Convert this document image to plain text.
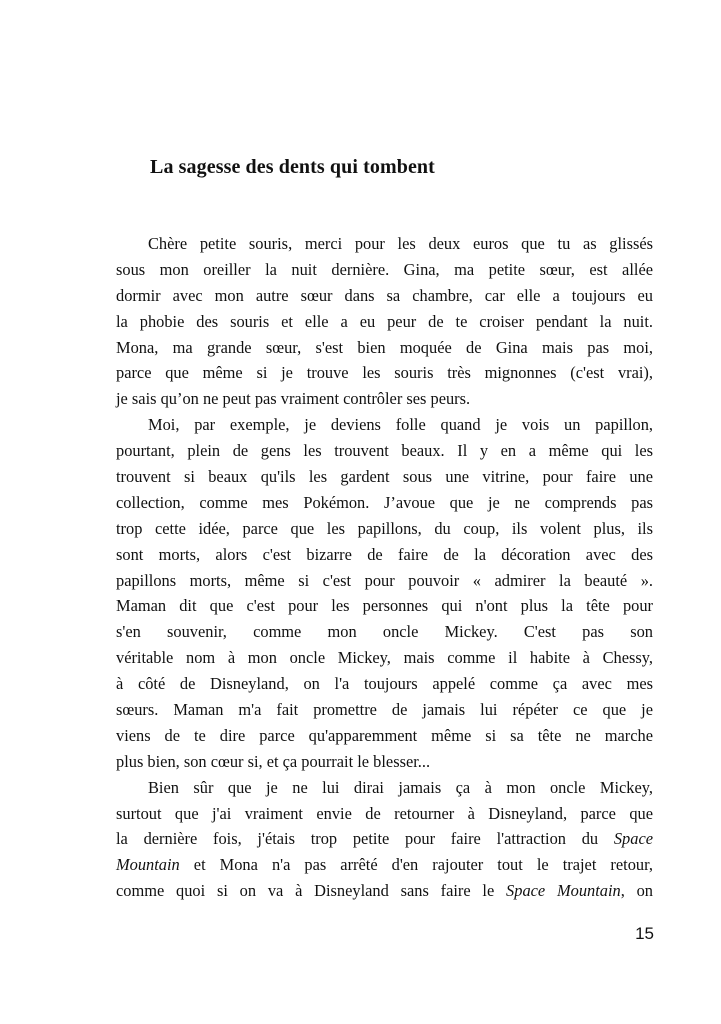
La sagesse des dents qui tombent
Chère petite souris, merci pour les deux euros que tu as glissés
sous mon oreiller la nuit dernière. Gina, ma petite sœur, est allée
dormir avec mon autre sœur dans sa chambre, car elle a toujours eu
la phobie des souris et elle a eu peur de te croiser pendant la nuit.
Mona, ma grande sœur, s'est bien moquée de Gina mais pas moi,
parce que même si je trouve les souris très mignonnes (c'est vrai),
je sais qu’on ne peut pas vraiment contrôler ses peurs.
Moi, par exemple, je deviens folle quand je vois un papillon,
pourtant, plein de gens les trouvent beaux. Il y en a même qui les
trouvent si beaux qu'ils les gardent sous une vitrine, pour faire une
collection, comme mes Pokémon. J’avoue que je ne comprends pas
trop cette idée, parce que les papillons, du coup, ils volent plus, ils
sont morts, alors c'est bizarre de faire de la décoration avec des
papillons morts, même si c'est pour pouvoir « admirer la beauté ».
Maman dit que c'est pour les personnes qui n'ont plus la tête pour
s'en souvenir, comme mon oncle Mickey. C'est pas son
véritable nom à mon oncle Mickey, mais comme il habite à Chessy,
à côté de Disneyland, on l'a toujours appelé comme ça avec mes
sœurs. Maman m'a fait promettre de jamais lui répéter ce que je
viens de te dire parce qu'apparemment même si sa tête ne marche
plus bien, son cœur si, et ça pourrait le blesser...
Bien sûr que je ne lui dirai jamais ça à mon oncle Mickey,
surtout que j'ai vraiment envie de retourner à Disneyland, parce que
la dernière fois, j'étais trop petite pour faire l'attraction du Space
Mountain et Mona n'a pas arrêté d'en rajouter tout le trajet retour,
comme quoi si on va à Disneyland sans faire le Space Mountain, on
15
